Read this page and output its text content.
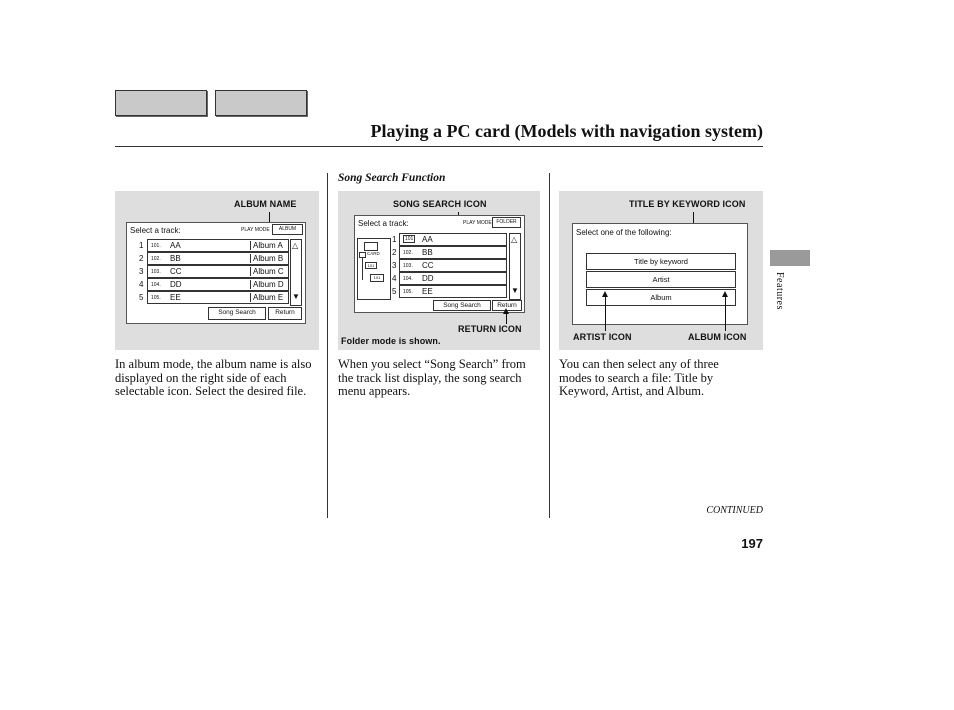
Playing a PC card (Models with navigation system)
Song Search Function
Features
ALBUM NAME
Select a track:	PLAY MODE	ALBUM
1 101. AA	Album A
2 102. BB	Album B
3 103. CC	Album C
4 104. DD	Album D
5 105. EE	Album E
△
▼
Song Search	Return
SONG SEARCH ICON
Select a track:	PLAY MODE FOLDER
CARD
101
101
1	101 AA
2 102. BB
3 103. CC
4 104. DD
5 105. EE
△
▼
Song Search	Return
RETURN ICON
Folder mode is shown.
TITLE BY KEYWORD ICON
Select one of the following:
Title by keyword
Artist
Album
ARTIST ICON	ALBUM ICON
In album mode, the album name is also displayed on the right side of each selectable icon. Select the desired file.
When you select “Song Search” from the track list display, the song search menu appears.
You can then select any of three modes to search a file: Title by Keyword, Artist, and Album.
CONTINUED
197
